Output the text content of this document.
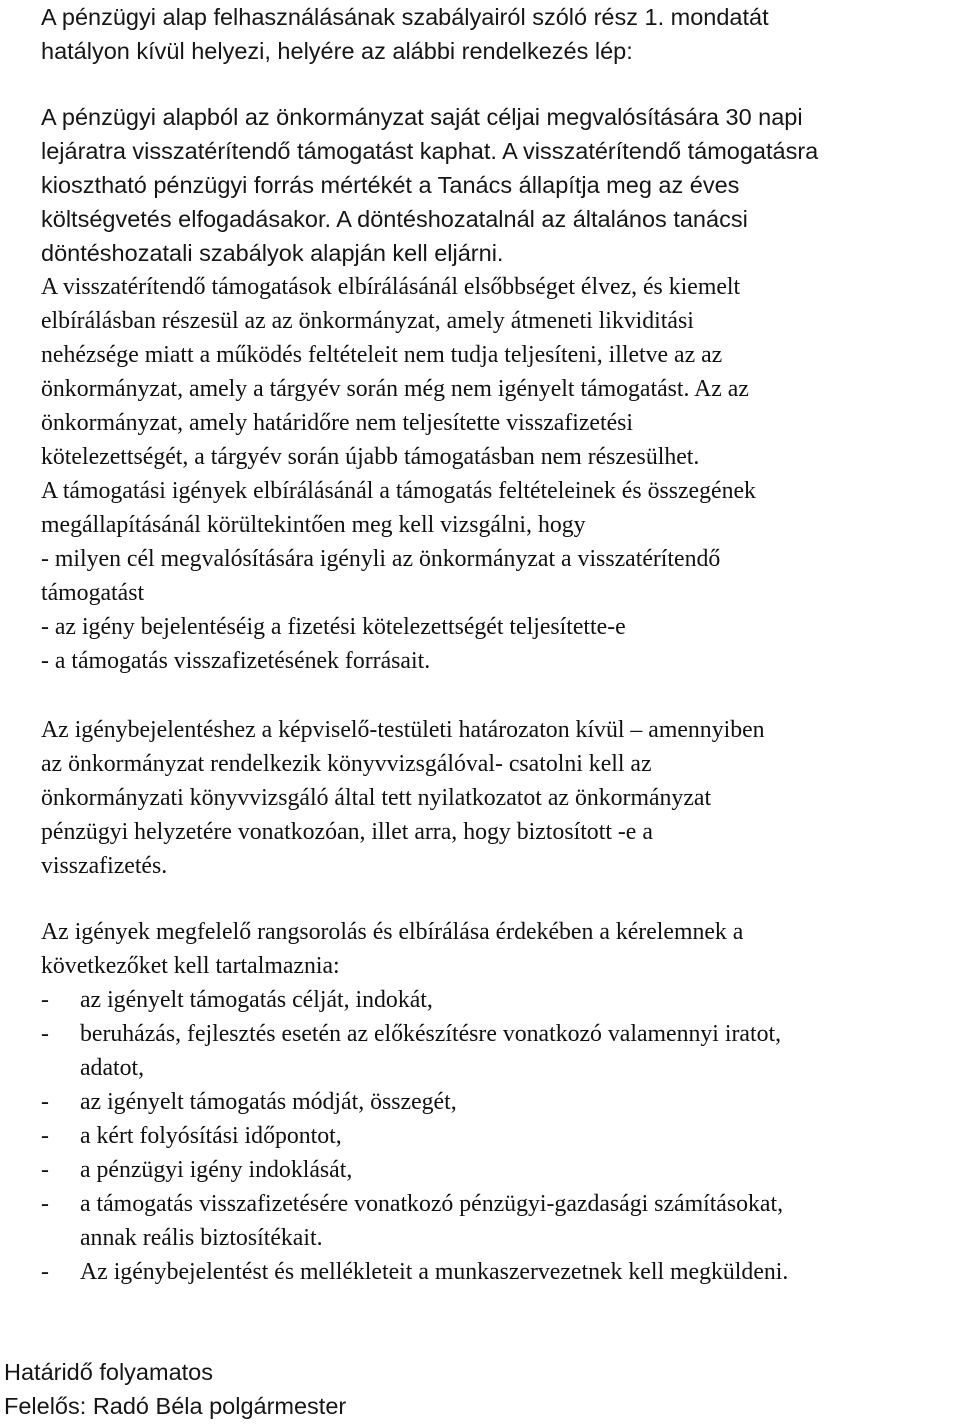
A pénzügyi alap felhasználásának szabályairól szóló rész 1. mondatát
hatályon kívül helyezi, helyére az alábbi rendelkezés lép:
A pénzügyi alapból az önkormányzat saját céljai megvalósítására 30 napi
lejáratra visszatérítendő támogatást kaphat. A visszatérítendő támogatásra
kiosztható pénzügyi forrás mértékét a Tanács állapítja meg az éves
költségvetés elfogadásakor. A döntéshozatalnál az általános tanácsi
döntéshozatali szabályok alapján kell eljárni.
A visszatérítendő támogatások elbírálásánál elsőbbséget élvez, és kiemelt
elbírálásban részesül az az önkormányzat, amely átmeneti likviditási
nehézsége miatt a működés feltételeit nem tudja teljesíteni, illetve az az
önkormányzat, amely a tárgyév során még nem igényelt támogatást. Az az
önkormányzat, amely határidőre nem teljesítette visszafizetési
kötelezettségét, a tárgyév során újabb támogatásban nem részesülhet.
A támogatási igények elbírálásánál a támogatás feltételeinek és összegének
megállapításánál körültekintően meg kell vizsgálni, hogy
- milyen cél megvalósítására igényli az önkormányzat a visszatérítendő
támogatást
- az igény bejelentéséig a fizetési kötelezettségét teljesítette-e
- a támogatás visszafizetésének forrásait.
Az igénybejelentéshez a képviselő-testületi határozaton kívül – amennyiben
az önkormányzat rendelkezik könyvvizsgálóval- csatolni kell az
önkormányzati könyvvizsgáló által tett nyilatkozatot az önkormányzat
pénzügyi helyzetére vonatkozóan, illet arra, hogy biztosított -e a
visszafizetés.
Az igények megfelelő rangsorolás és elbírálása érdekében a kérelemnek a
következőket kell tartalmaznia:
- az igényelt támogatás célját, indokát,
- beruházás, fejlesztés esetén az előkészítésre vonatkozó valamennyi iratot,
adatot,
- az igényelt támogatás módját, összegét,
- a kért folyósítási időpontot,
- a pénzügyi igény indoklását,
- a támogatás visszafizetésére vonatkozó pénzügyi-gazdasági számításokat,
annak reális biztosítékait.
- Az igénybejelentést és mellékleteit a munkaszervezetnek kell megküldeni.
Határidő folyamatos
Felelős: Radó Béla polgármester
